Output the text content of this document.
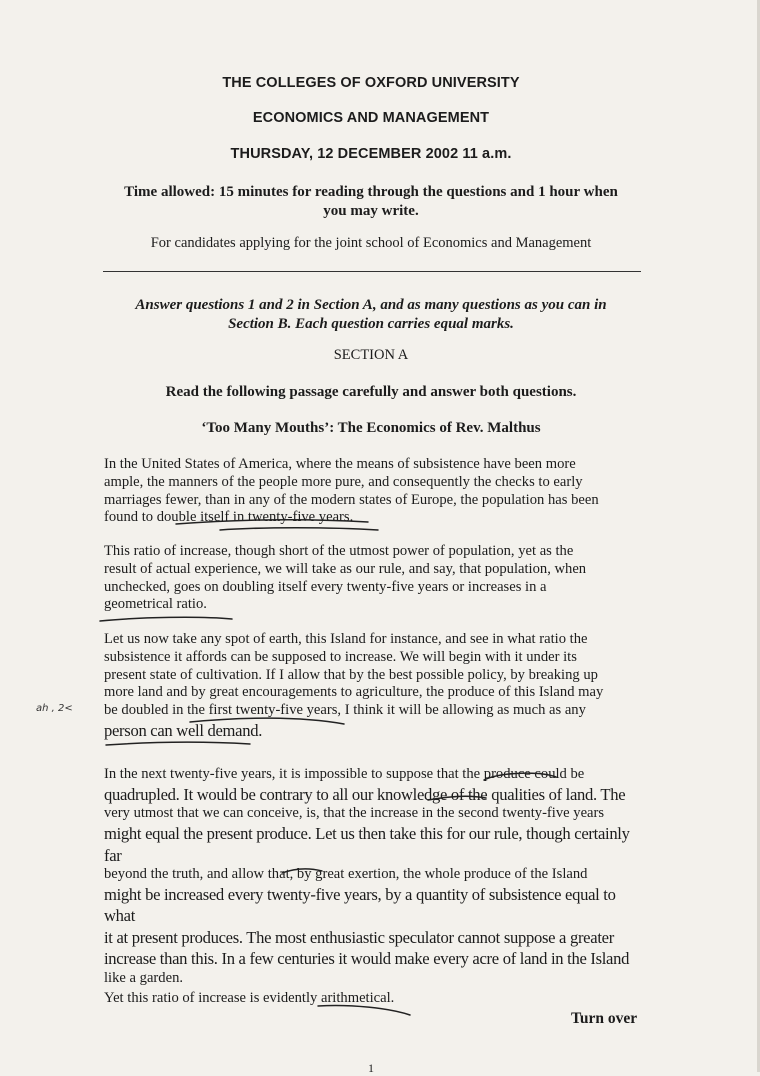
THE COLLEGES OF OXFORD UNIVERSITY
ECONOMICS AND MANAGEMENT
THURSDAY, 12 DECEMBER 2002 11 a.m.
Time allowed: 15 minutes for reading through the questions and 1 hour when
you may write.
For candidates applying for the joint school of Economics and Management
Answer questions 1 and 2 in Section A, and as many questions as you can in
Section B. Each question carries equal marks.
SECTION A
Read the following passage carefully and answer both questions.
‘Too Many Mouths’: The Economics of Rev. Malthus

In the United States of America, where the means of subsistence have been more

ample, the manners of the people more pure, and consequently the checks to early

marriages fewer, than in any of the modern states of Europe, the population has been

found to double itself in twenty-five years.

This ratio of increase, though short of the utmost power of population, yet as the

result of actual experience, we will take as our rule, and say, that population, when

unchecked, goes on doubling itself every twenty-five years or increases in a

geometrical ratio.

Let us now take any spot of earth, this Island for instance, and see in what ratio the

subsistence it affords can be supposed to increase. We will begin with it under its

present state of cultivation. If I allow that by the best possible policy, by breaking up

more land and by great encouragements to agriculture, the produce of this Island may

be doubled in the first twenty-five years, I think it will be allowing as much as any

person can well demand.

In the next twenty-five years, it is impossible to suppose that the produce could be

quadrupled. It would be contrary to all our knowledge of the qualities of land. The

very utmost that we can conceive, is, that the increase in the second twenty-five years

might equal the present produce. Let us then take this for our rule, though certainly far

beyond the truth, and allow that, by great exertion, the whole produce of the Island

might be increased every twenty-five years, by a quantity of subsistence equal to what

it at present produces. The most enthusiastic speculator cannot suppose a greater

increase than this. In a few centuries it would make every acre of land in the Island

like a garden.

Yet this ratio of increase is evidently arithmetical.

ah , 2<
Turn over
1
